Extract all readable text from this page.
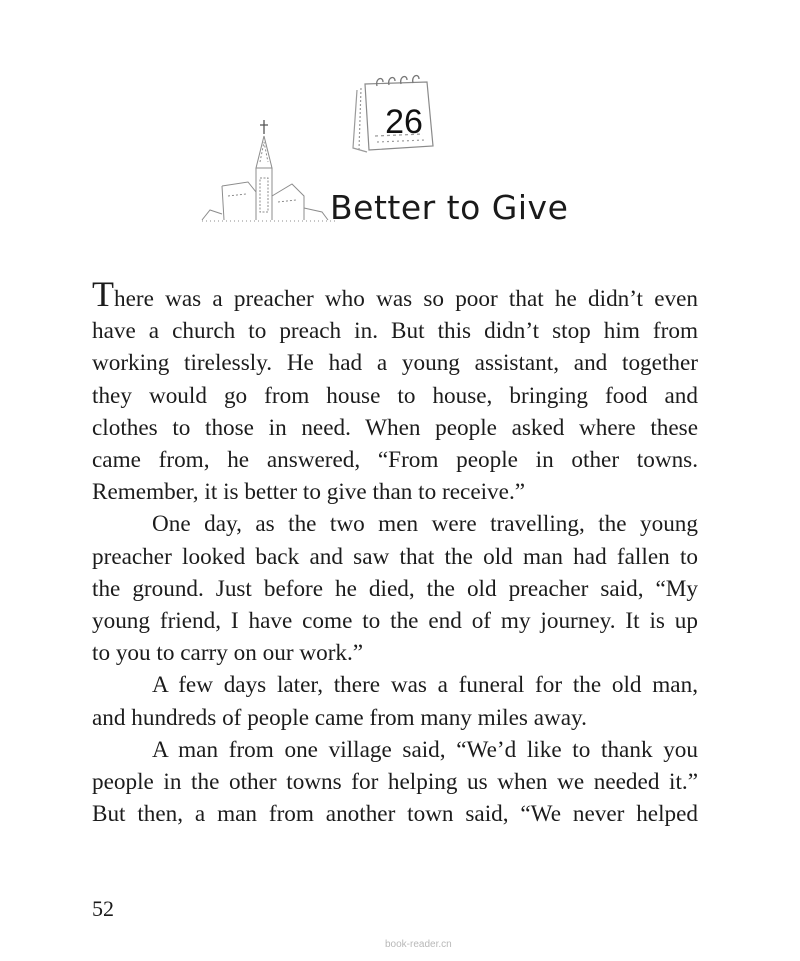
26
Better to Give

There was a preacher who was so poor that he didn’t even
have a church to preach in. But this didn’t stop him from
working tirelessly. He had a young assistant, and together
they would go from house to house, bringing food and
clothes to those in need. When people asked where these
came from, he answered, “From people in other towns.
Remember, it is better to give than to receive.”

One day, as the two men were travelling, the young
preacher looked back and saw that the old man had fallen to
the ground. Just before he died, the old preacher said, “My
young friend, I have come to the end of my journey. It is up
to you to carry on our work.”

A few days later, there was a funeral for the old man,
and hundreds of people came from many miles away.

A man from one village said, “We’d like to thank you
people in the other towns for helping us when we needed it.”
But then, a man from another town said, “We never helped

52
book-reader.cn
